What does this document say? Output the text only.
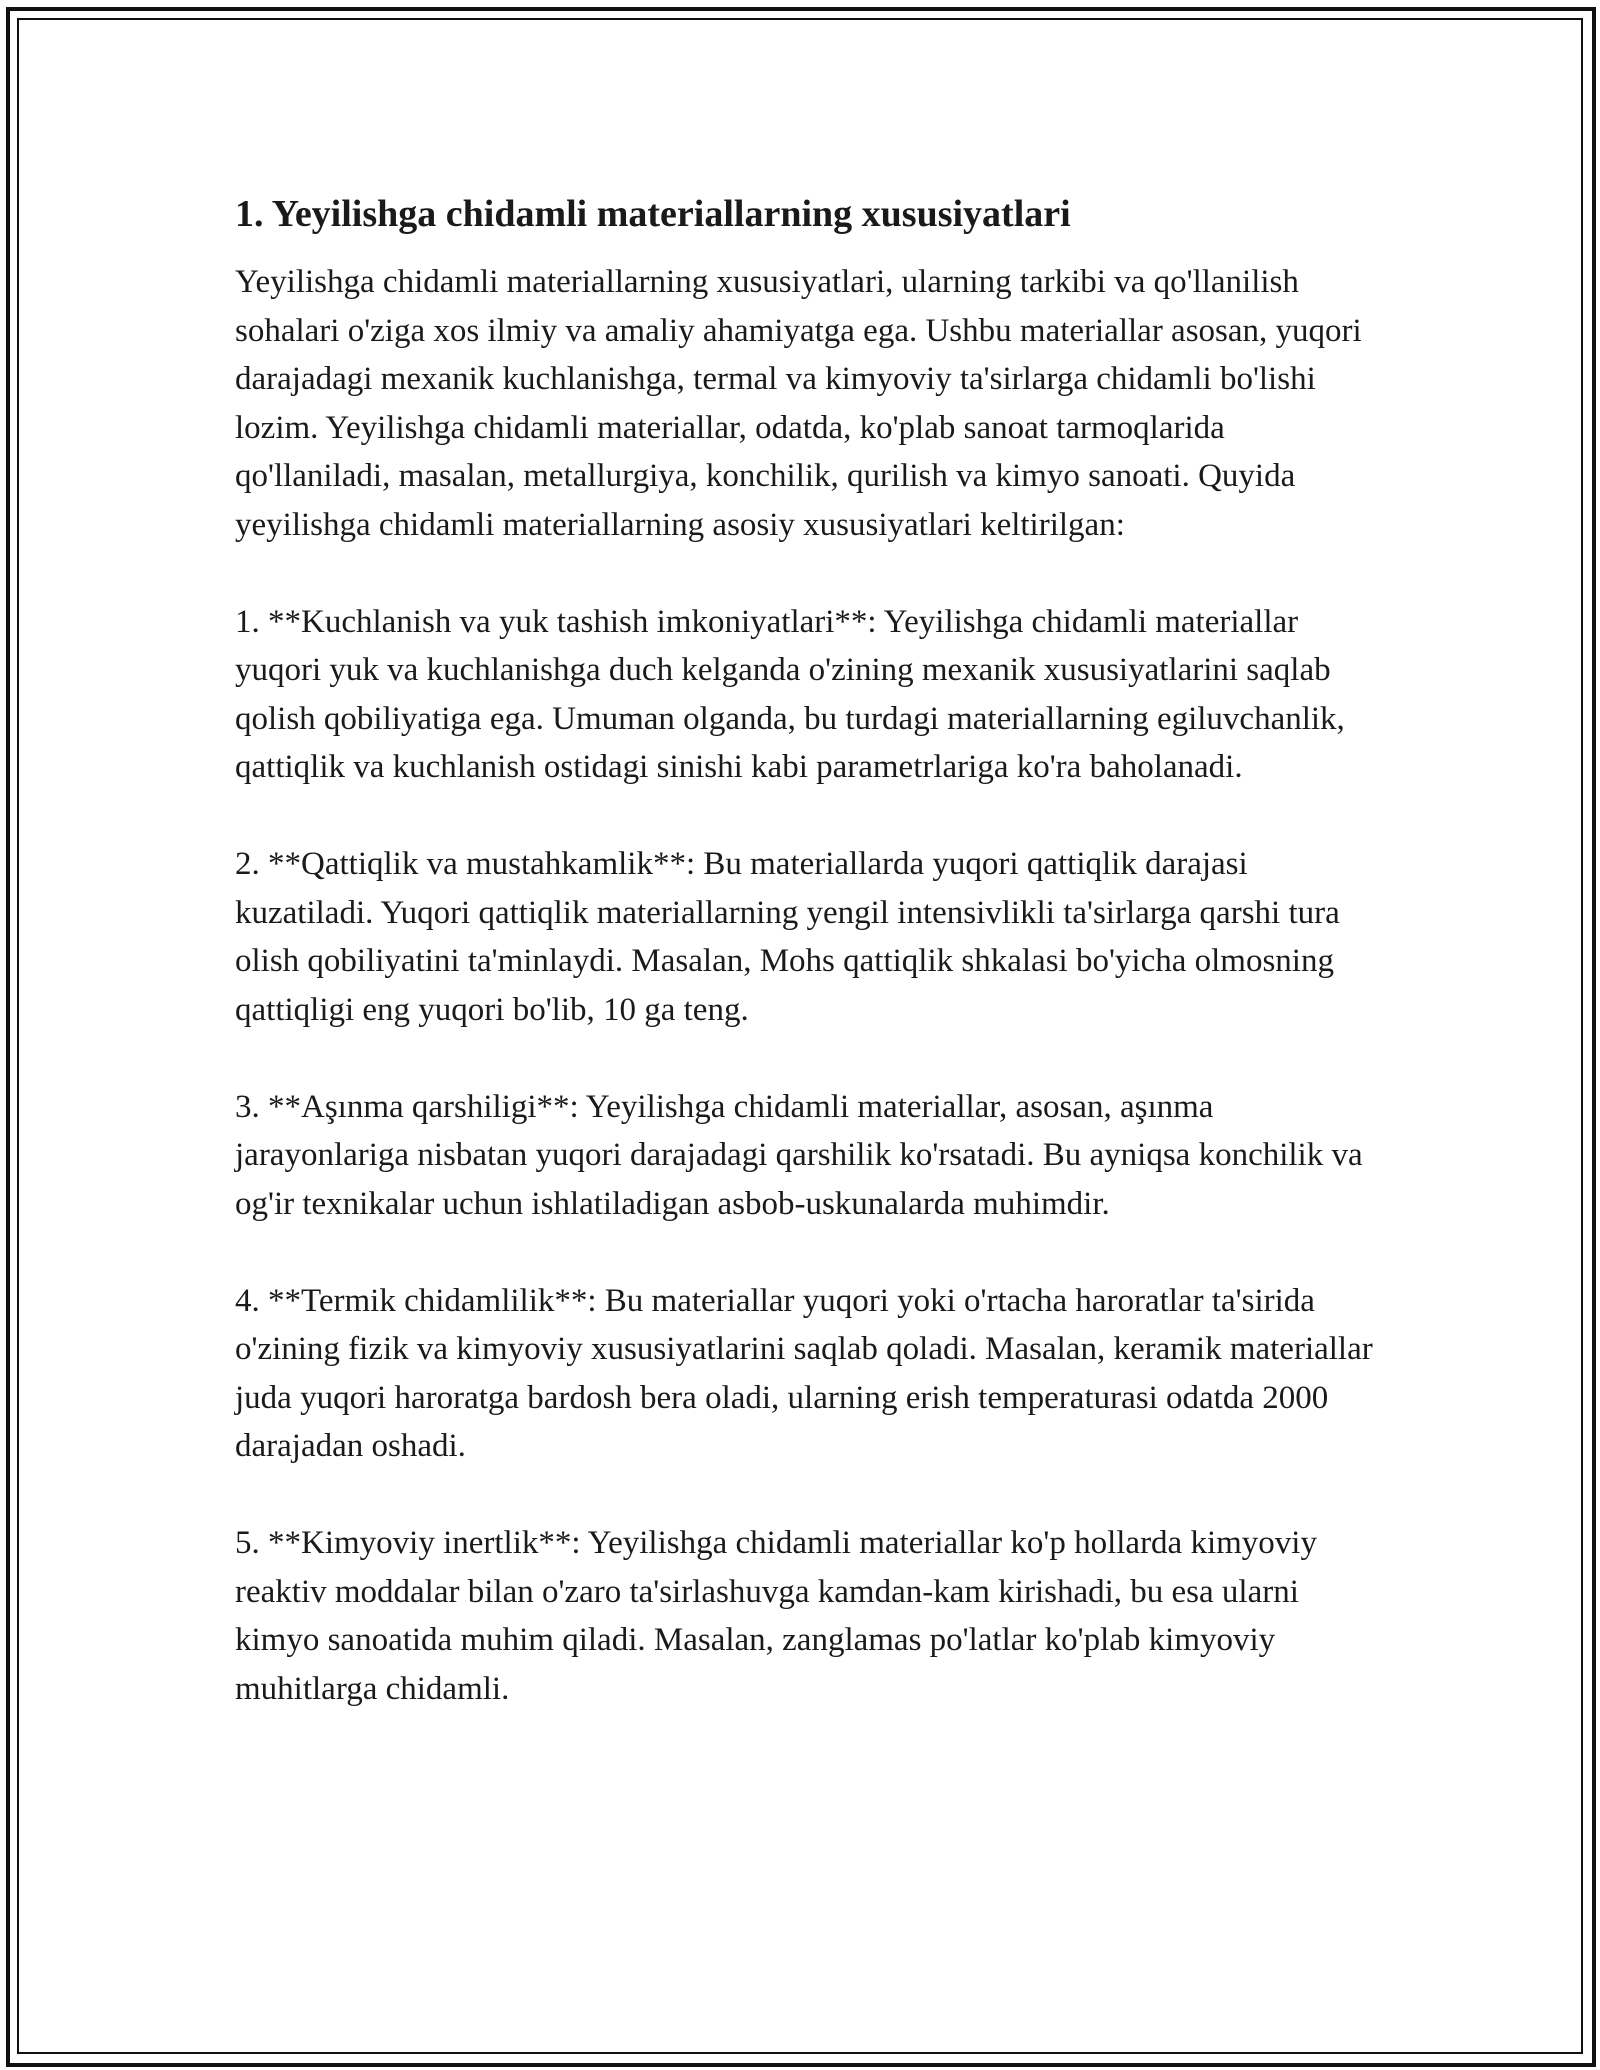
1. Yeyilishga chidamli materiallarning xususiyatlari

Yeyilishga chidamli materiallarning xususiyatlari, ularning tarkibi va qo'llanilish sohalari o'ziga xos ilmiy va amaliy ahamiyatga ega. Ushbu materiallar asosan, yuqori darajadagi mexanik kuchlanishga, termal va kimyoviy ta'sirlarga chidamli bo'lishi lozim. Yeyilishga chidamli materiallar, odatda, ko'plab sanoat tarmoqlarida qo'llaniladi, masalan, metallurgiya, konchilik, qurilish va kimyo sanoati. Quyida yeyilishga chidamli materiallarning asosiy xususiyatlari keltirilgan:

1. **Kuchlanish va yuk tashish imkoniyatlari**: Yeyilishga chidamli materiallar yuqori yuk va kuchlanishga duch kelganda o'zining mexanik xususiyatlarini saqlab qolish qobiliyatiga ega. Umuman olganda, bu turdagi materiallarning egiluvchanlik, qattiqlik va kuchlanish ostidagi sinishi kabi parametrlariga ko'ra baholanadi.

2. **Qattiqlik va mustahkamlik**: Bu materiallarda yuqori qattiqlik darajasi kuzatiladi. Yuqori qattiqlik materiallarning yengil intensivlikli ta'sirlarga qarshi tura olish qobiliyatini ta'minlaydi. Masalan, Mohs qattiqlik shkalasi bo'yicha olmosning qattiqligi eng yuqori bo'lib, 10 ga teng.

3. **Aşınma qarshiligi**: Yeyilishga chidamli materiallar, asosan, aşınma jarayonlariga nisbatan yuqori darajadagi qarshilik ko'rsatadi. Bu ayniqsa konchilik va og'ir texnikalar uchun ishlatiladigan asbob-uskunalarda muhimdir.

4. **Termik chidamlilik**: Bu materiallar yuqori yoki o'rtacha haroratlar ta'sirida o'zining fizik va kimyoviy xususiyatlarini saqlab qoladi. Masalan, keramik materiallar juda yuqori haroratga bardosh bera oladi, ularning erish temperaturasi odatda 2000 darajadan oshadi.

5. **Kimyoviy inertlik**: Yeyilishga chidamli materiallar ko'p hollarda kimyoviy reaktiv moddalar bilan o'zaro ta'sirlashuvga kamdan-kam kirishadi, bu esa ularni kimyo sanoatida muhim qiladi. Masalan, zanglamas po'latlar ko'plab kimyoviy muhitlarga chidamli.
